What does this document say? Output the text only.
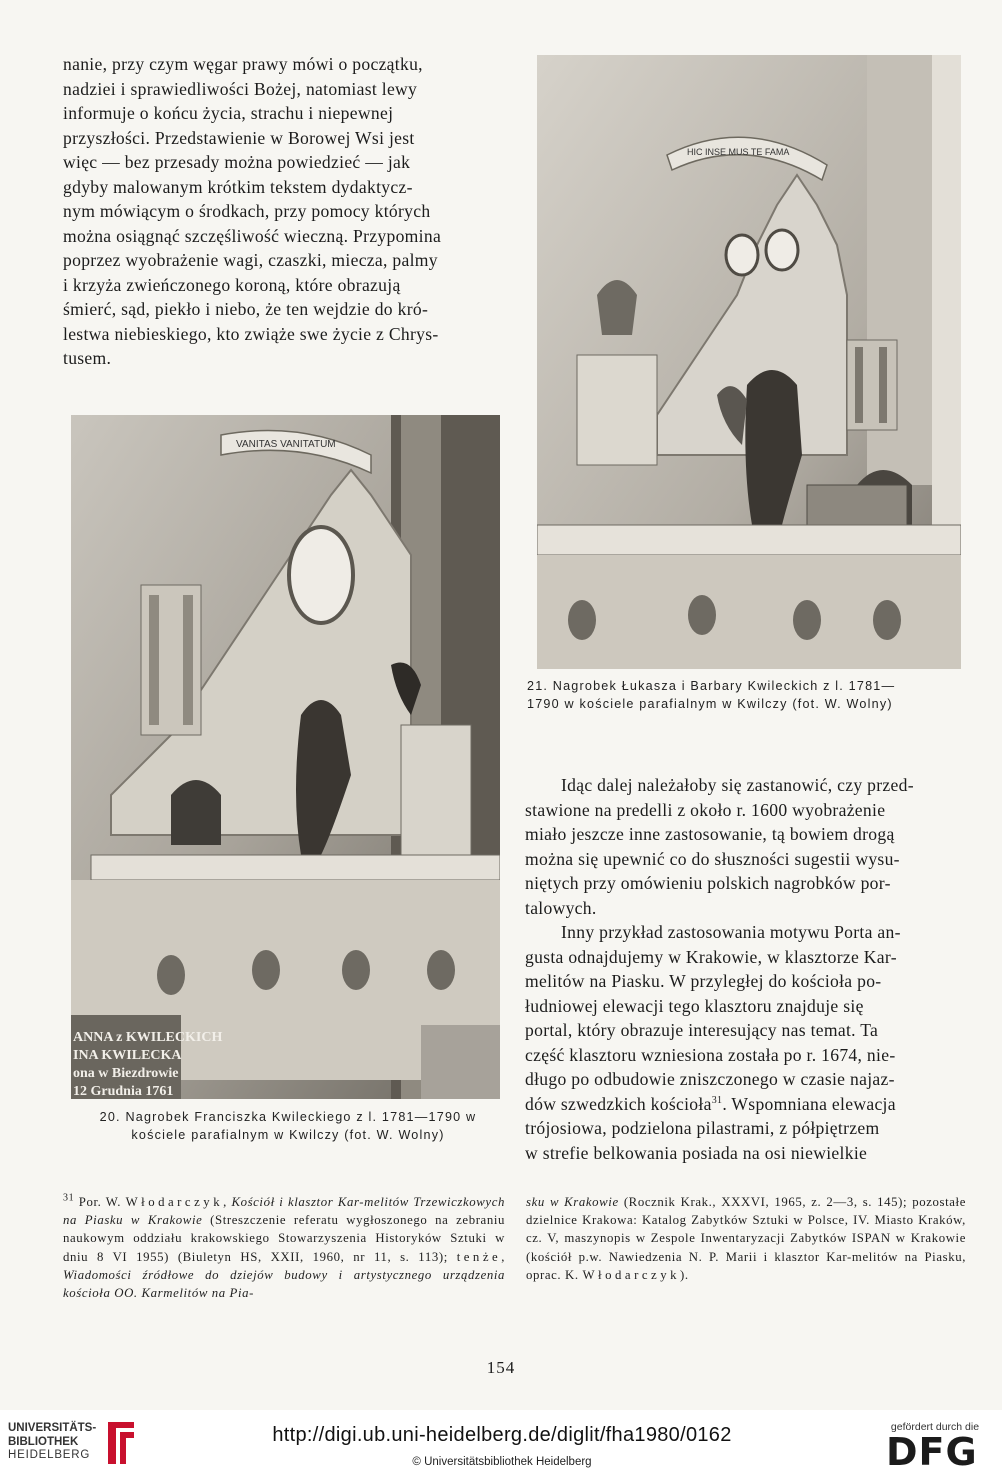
nanie, przy czym węgar prawy mówi o początku,
nadziei i sprawiedliwości Bożej, natomiast lewy
informuje o końcu życia, strachu i niepewnej
przyszłości. Przedstawienie w Borowej Wsi jest
więc — bez przesady można powiedzieć — jak
gdyby malowanym krótkim tekstem dydaktycz-
nym mówiącym o środkach, przy pomocy których
można osiągnąć szczęśliwość wieczną. Przypomina
poprzez wyobrażenie wagi, czaszki, miecza, palmy
i krzyża zwieńczonego koroną, które obrazują
śmierć, sąd, piekło i niebo, że ten wejdzie do kró-
lestwa niebieskiego, kto zwiąże swe życie z Chrys-
tusem.

VANITAS VANITATUM
ANNA z KWILECKICH
INA KWILECKA
ona w Biezdrowie
12 Grudnia 1761
20. Nagrobek Franciszka Kwileckiego z l. 1781—1790 w
kościele parafialnym w Kwilczy (fot. W. Wolny)
HIC INSE MUS TE FAMA
21. Nagrobek Łukasza i Barbary Kwileckich z l. 1781—
1790 w kościele parafialnym w Kwilczy (fot. W. Wolny)

Idąc dalej należałoby się zastanowić, czy przed-
stawione na predelli z około r. 1600 wyobrażenie
miało jeszcze inne zastosowanie, tą bowiem drogą
można się upewnić co do słuszności sugestii wysu-
niętych przy omówieniu polskich nagrobków por-
talowych.

Inny przykład zastosowania motywu Porta an-
gusta odnajdujemy w Krakowie, w klasztorze Kar-
melitów na Piasku. W przyległej do kościoła po-
łudniowej elewacji tego klasztoru znajduje się
portal, który obrazuje interesujący nas temat. Ta
część klasztoru wzniesiona została po r. 1674, nie-
długo po odbudowie zniszczonego w czasie najaz-
dów szwedzkich kościoła$^{31}$. Wspomniana elewacja
trójosiowa, podzielona pilastrami, z półpiętrzem
w strefie belkowania posiada na osi niewielkie

$^{31}$ Por. W. Włodarczyk, Kościół i klasztor Kar-melitów Trzewiczkowych na Piasku w Krakowie (Streszczenie referatu wygłoszonego na zebraniu naukowym oddziału krakowskiego Stowarzyszenia Historyków Sztuki w dniu 8 VI 1955) (Biuletyn HS, XXII, 1960, nr 11, s. 113); tenże, Wiadomości źródłowe do dziejów budowy i artystycznego urządzenia kościoła OO. Karmelitów na Pia-

sku w Krakowie (Rocznik Krak., XXXVI, 1965, z. 2—3, s. 145); pozostałe dzielnice Krakowa: Katalog Zabytków Sztuki w Polsce, IV. Miasto Kraków, cz. V, maszynopis w Zespole Inwentaryzacji Zabytków ISPAN w Krakowie (kościół p.w. Nawiedzenia N. P. Marii i klasztor Kar-melitów na Piasku, oprac. K. Włodarczyk).

154
UNIVERSITÄTS-
BIBLIOTHEK
HEIDELBERG
http://digi.ub.uni-heidelberg.de/diglit/fha1980/0162
© Universitätsbibliothek Heidelberg
gefördert durch die
DFG
